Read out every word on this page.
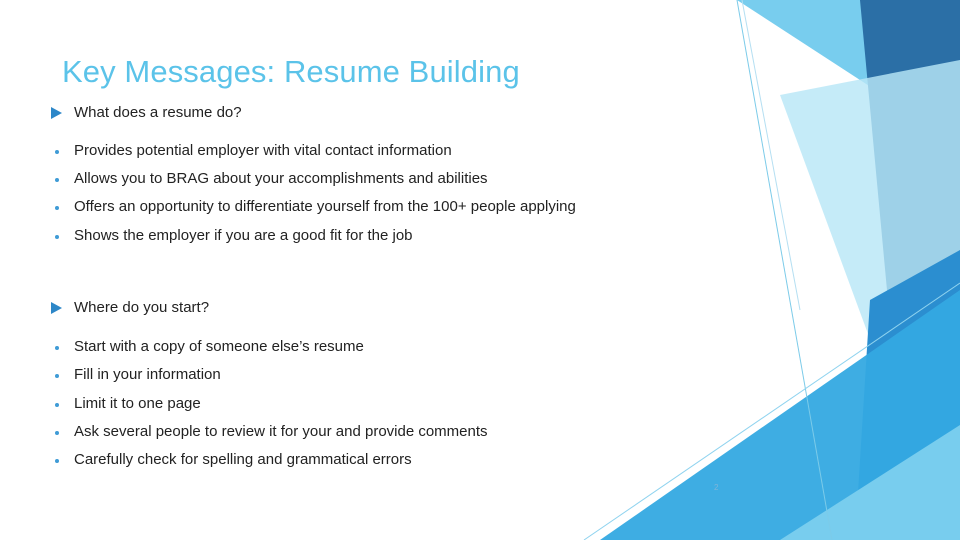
Key Messages: Resume Building
What does a resume do?
Provides potential employer with vital contact information
Allows you to BRAG about your accomplishments and abilities
Offers an opportunity to differentiate yourself from the 100+ people applying
Shows the employer if you are a good fit for the job
Where do you start?
Start with a copy of someone else’s resume
Fill in your information
Limit it to one page
Ask several people to review it for your and provide comments
Carefully check for spelling and grammatical errors
2
